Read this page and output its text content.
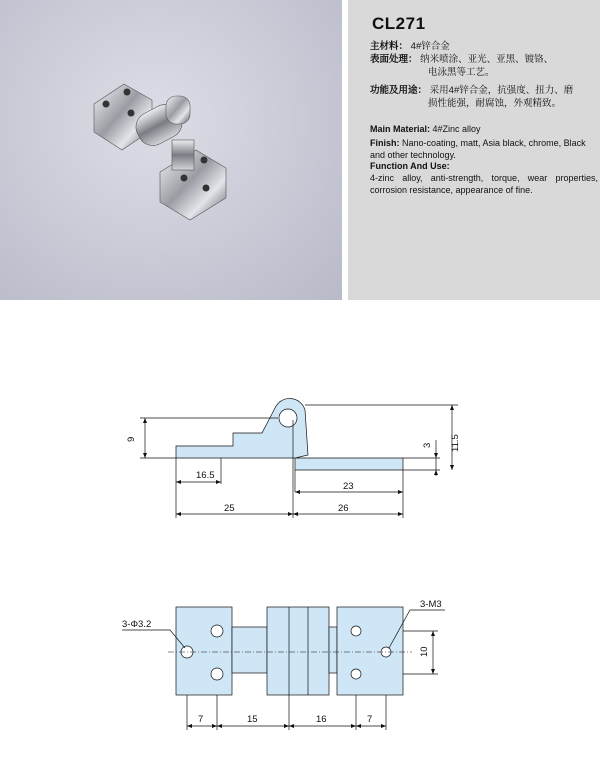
CL271
主材料： 4#锌合金
表面处理： 纳米喷涂、亚光、亚黑、镀铬、
电泳黑等工艺。
功能及用途： 采用4#锌合金，抗强度、扭力、磨
损性能强，耐腐蚀，外观精致。
Main Material: 4#Zinc alloy
Finish: Nano-coating, matt, Asia black, chrome, Black and other technology.
Function And Use:
4-zinc alloy, anti-strength, torque, wear properties, corrosion resistance, appearance of fine.
9
3 11.5
16.5
23
25	26
3-Φ3.2
3-M3
10
7	15	16	7
